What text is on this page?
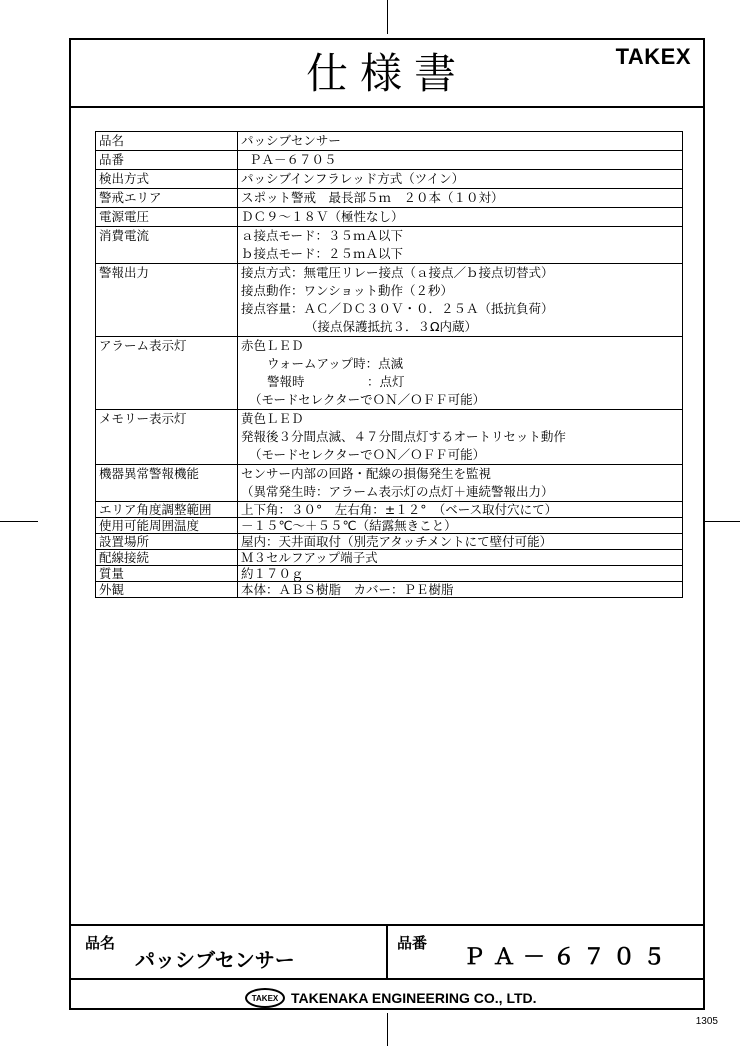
仕様書	TAKEX
品名	パッシブセンサー

品番	ＰＡ－６７０５

検出方式	パッシブインフラレッド方式（ツイン）

警戒エリア	スポット警戒　最長部５ｍ　２０本（１０対）

電源電圧	ＤＣ９～１８Ｖ（極性なし）

消費電流	ａ接点モード：３５ｍＡ以下
ｂ接点モード：２５ｍＡ以下

警報出力	接点方式：無電圧リレー接点（ａ接点／ｂ接点切替式）
接点動作：ワンショット動作（２秒）
接点容量：ＡＣ／ＤＣ３０Ｖ・０．２５Ａ（抵抗負荷）
（接点保護抵抗３．３Ω内蔵）

アラーム表示灯	赤色ＬＥＤ
ウォームアップ時：点滅
警報時　　　　　：点灯
（モードセレクターでＯＮ／ＯＦＦ可能）

メモリー表示灯	黄色ＬＥＤ
発報後３分間点滅、４７分間点灯するオートリセット動作
（モードセレクターでＯＮ／ＯＦＦ可能）

機器異常警報機能	センサー内部の回路・配線の損傷発生を監視
（異常発生時：アラーム表示灯の点灯＋連続警報出力）

エリア角度調整範囲	上下角：３０°　左右角：±１２°　（ベース取付穴にて）

使用可能周囲温度	－１５℃～＋５５℃（結露無きこと）

設置場所	屋内：天井面取付（別売アタッチメントにて壁付可能）

配線接続	Ｍ３セルフアップ端子式

質量	約１７０ｇ

外観	本体：ＡＢＳ樹脂　カバー：ＰＥ樹脂
品名
パッシブセンサー
品番
ＰＡ－６７０５
TAKEX TAKENAKA ENGINEERING CO., LTD.
1305
